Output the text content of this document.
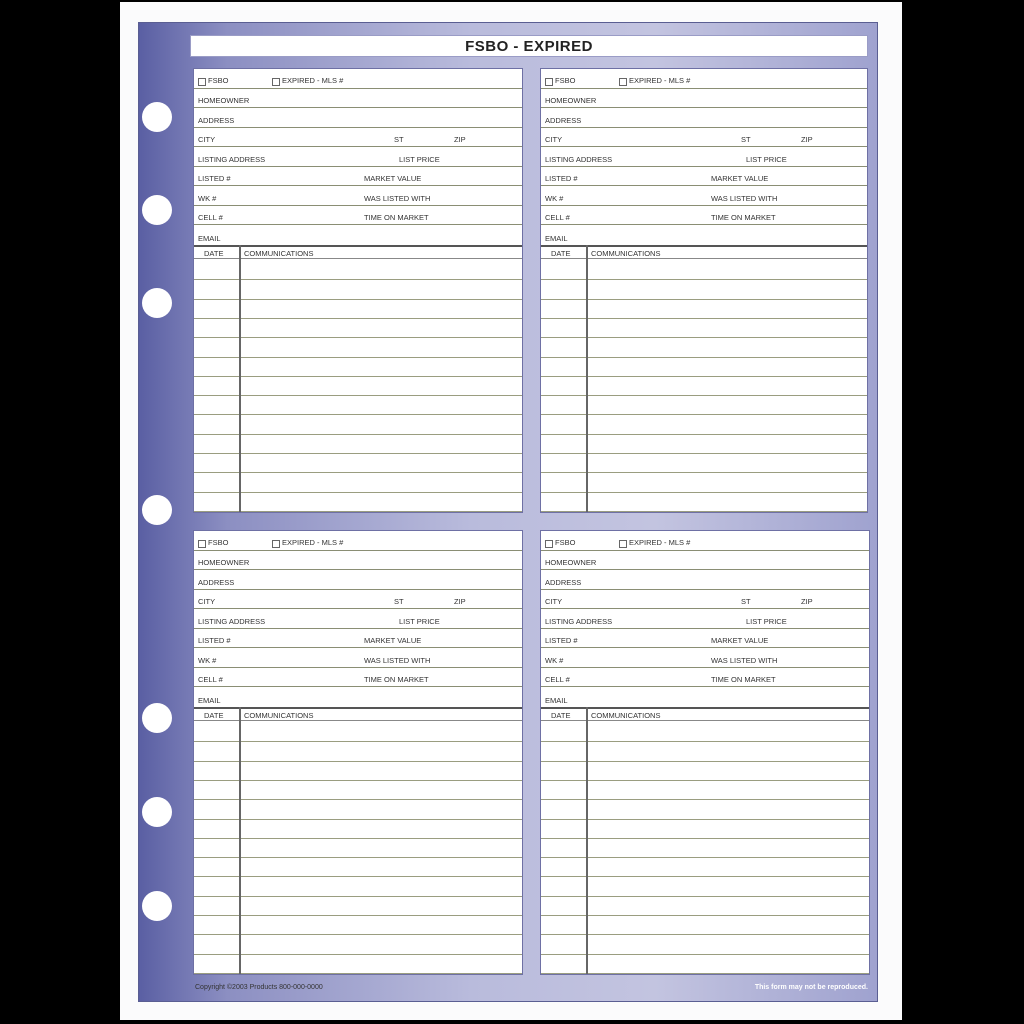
FSBO - EXPIRED
FSBO	EXPIRED - MLS #
HOMEOWNER
ADDRESS
CITY	ST	ZIP
LISTING ADDRESS	LIST PRICE
LISTED #	MARKET VALUE
WK #	WAS LISTED WITH
CELL #	TIME ON MARKET
EMAIL
DATE	COMMUNICATIONS
FSBO	EXPIRED - MLS #
HOMEOWNER
ADDRESS
CITY	ST	ZIP
LISTING ADDRESS	LIST PRICE
LISTED #	MARKET VALUE
WK #	WAS LISTED WITH
CELL #	TIME ON MARKET
EMAIL
DATE	COMMUNICATIONS
FSBO	EXPIRED - MLS #
HOMEOWNER
ADDRESS
CITY	ST	ZIP
LISTING ADDRESS	LIST PRICE
LISTED #	MARKET VALUE
WK #	WAS LISTED WITH
CELL #	TIME ON MARKET
EMAIL
DATE	COMMUNICATIONS
FSBO	EXPIRED - MLS #
HOMEOWNER
ADDRESS
CITY	ST	ZIP
LISTING ADDRESS	LIST PRICE
LISTED #	MARKET VALUE
WK #	WAS LISTED WITH
CELL #	TIME ON MARKET
EMAIL
DATE	COMMUNICATIONS
Copyright ©2003 Products 800-000-0000	This form may not be reproduced.
